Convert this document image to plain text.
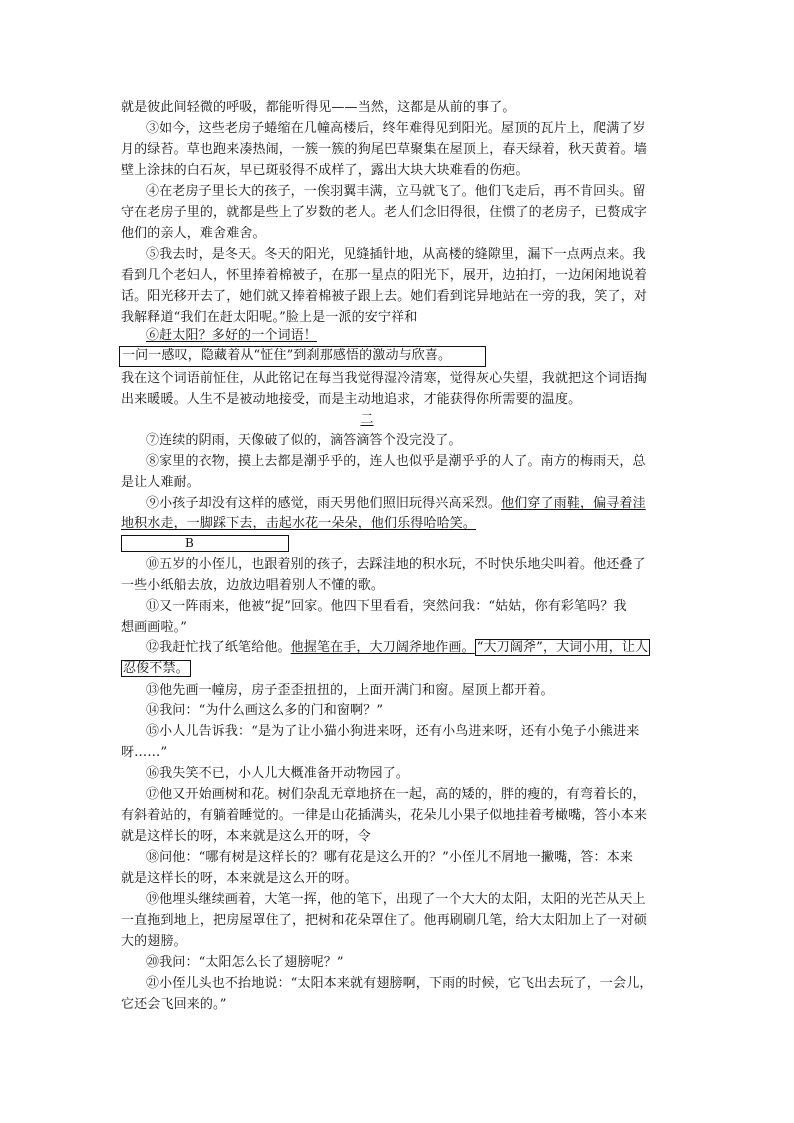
就是彼此间轻微的呼吸，都能听得见——当然，这都是从前的事了。
③如今，这些老房子蜷缩在几幢高楼后，终年难得见到阳光。屋顶的瓦片上，爬满了岁
月的绿苔。草也跑来凑热闹，一簇一簇的狗尾巴草聚集在屋顶上，春天绿着，秋天黄着。墙
壁上涂抹的白石灰，早已斑驳得不成样了，露出大块大块难看的伤疤。
④在老房子里长大的孩子，一俟羽翼丰满，立马就飞了。他们飞走后，再不肯回头。留
守在老房子里的，就都是些上了岁数的老人。老人们念旧得很，住惯了的老房子，已赘成字
他们的亲人，难舍难舍。
⑤我去时，是冬天。冬天的阳光，见缝插针地，从高楼的缝隙里，漏下一点两点来。我
看到几个老妇人，怀里捧着棉被子，在那一星点的阳光下，展开，边拍打，一边闲闲地说着
话。阳光移开去了，她们就又捧着棉被子跟上去。她们看到诧异地站在一旁的我，笑了，对
我解释道“我们在赶太阳呢。”脸上是一派的安宁祥和
⑥赶太阳？多好的一个词语！
一问一感叹，隐藏着从“怔住”到刹那感悟的激动与欣喜。
我在这个词语前怔住，从此铭记在每当我觉得湿冷清寒，觉得灰心失望，我就把这个词语掏
出来暖暖。人生不是被动地接受，而是主动地追求，才能获得你所需要的温度。
二
⑦连续的阴雨，天像破了似的，滴答滴答个没完没了。
⑧家里的衣物，摸上去都是潮乎乎的，连人也似乎是潮乎乎的人了。南方的梅雨天，总
是让人难耐。
⑨小孩子却没有这样的感觉，雨天男他们照旧玩得兴高采烈。他们穿了雨鞋，偏寻着洼
地积水走，一脚踩下去，击起水花一朵朵，他们乐得哈哈笑。
B
⑩五岁的小侄儿，也跟着别的孩子，去踩洼地的积水玩，不时快乐地尖叫着。他还叠了
一些小纸船去放，边放边唱着别人不懂的歌。
⑪又一阵雨来，他被“捉”回家。他四下里看看，突然问我：“姑姑，你有彩笔吗？我
想画画啦。”
⑫我赶忙找了纸笔给他。他握笔在手，大刀阔斧地作画。 “大刀阔斧”，大词小用，让人
忍俊不禁。
⑬他先画一幢房，房子歪歪扭扭的，上面开满门和窗。屋顶上都开着。
⑭我问：“为什么画这么多的门和窗啊？”
⑮小人儿告诉我：“是为了让小猫小狗进来呀，还有小鸟进来呀，还有小兔子小熊进来
呀……”
⑯我失笑不已，小人儿大概准备开动物园了。
⑰他又开始画树和花。树们杂乱无章地挤在一起，高的矮的，胖的瘦的，有弯着长的，
有斜着站的，有躺着睡觉的。一律是山花插满头，花朵儿小果子似地挂着考橄嘴，答小本来
就是这样长的呀，本来就是这么开的呀，令
⑱问他：“哪有树是这样长的？哪有花是这么开的？”小侄儿不屑地一撇嘴，答：本来
就是这样长的呀，本来就是这么开的呀。
⑲他埋头继续画着，大笔一挥，他的笔下，出现了一个大大的太阳，太阳的光芒从天上
一直拖到地上，把房屋罩住了，把树和花朵罩住了。他再刷刷几笔，给大太阳加上了一对硕
大的翅膀。
⑳我问：“太阳怎么长了翅膀呢？”
㉑小侄儿头也不抬地说：“太阳本来就有翅膀啊，下雨的时候，它飞出去玩了，一会儿，
它还会飞回来的。”
